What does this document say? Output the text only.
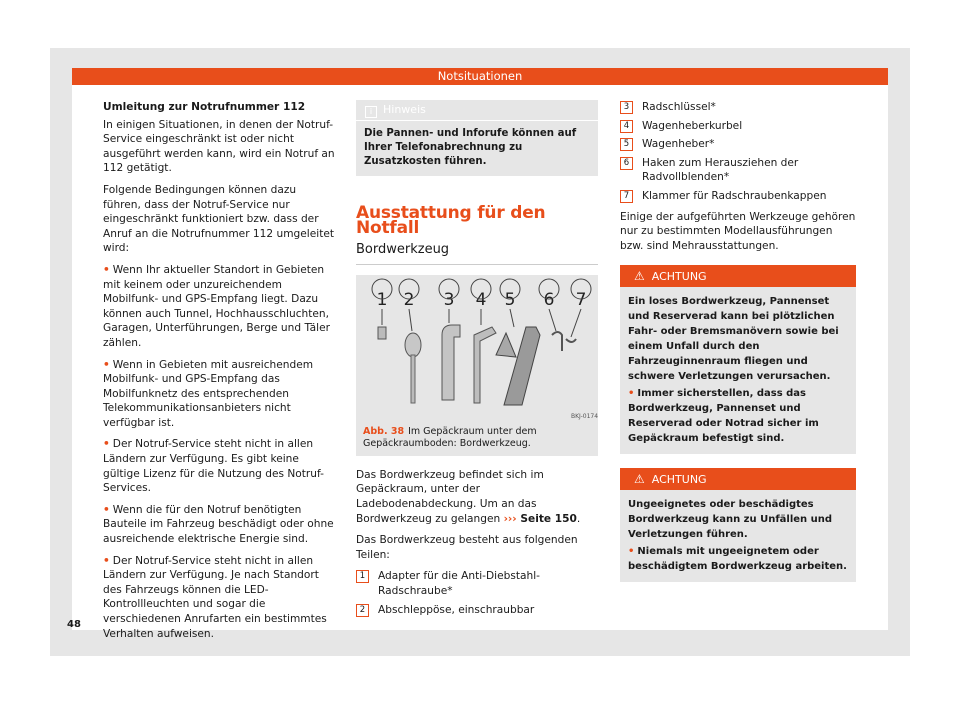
Notsituationen
Umleitung zur Notrufnummer 112

In einigen Situationen, in denen der Notruf-Service eingeschränkt ist oder nicht ausgeführt werden kann, wird ein Notruf an 112 getätigt.

Folgende Bedingungen können dazu führen, dass der Notruf-Service nur eingeschränkt funktioniert bzw. dass der Anruf an die Notrufnummer 112 umgeleitet wird:

• Wenn Ihr aktueller Standort in Gebieten mit keinem oder unzureichendem Mobilfunk- und GPS-Empfang liegt. Dazu können auch Tunnel, Hochhausschluchten, Garagen, Unterführungen, Berge und Täler zählen.
• Wenn in Gebieten mit ausreichendem Mobilfunk- und GPS-Empfang das Mobilfunknetz des entsprechenden Telekommunikationsanbieters nicht verfügbar ist.
• Der Notruf-Service steht nicht in allen Ländern zur Verfügung. Es gibt keine gültige Lizenz für die Nutzung des Notruf-Services.
• Wenn die für den Notruf benötigten Bauteile im Fahrzeug beschädigt oder ohne ausreichende elektrische Energie sind.
• Der Notruf-Service steht nicht in allen Ländern zur Verfügung. Je nach Standort des Fahrzeugs können die LED-Kontrollleuchten und sogar die verschiedenen Anrufarten ein bestimmtes Verhalten aufweisen.
i Hinweis
Die Pannen- und Inforufe können auf Ihrer Telefonabrechnung zu Zusatzkosten führen.
Ausstattung für den Notfall
Bordwerkzeug
1 2 3 4 5 6 7
BKJ-0174
Abb. 38 Im Gepäckraum unter dem Gepäckraumboden: Bordwerkzeug.

Das Bordwerkzeug befindet sich im Gepäckraum, unter der Ladebodenabdeckung. Um an das Bordwerkzeug zu gelangen ››› Seite 150.

Das Bordwerkzeug besteht aus folgenden Teilen:

1	Adapter für die Anti-Diebstahl-Radschraube*
2	Abschleppöse, einschraubbar
3	Radschlüssel*
4	Wagenheberkurbel
5	Wagenheber*
6	Haken zum Herausziehen der Radvollblenden*
7	Klammer für Radschraubenkappen

Einige der aufgeführten Werkzeuge gehören nur zu bestimmten Modellausführungen bzw. sind Mehrausstattungen.

⚠ ACHTUNG
Ein loses Bordwerkzeug, Pannenset und Reserverad kann bei plötzlichen Fahr- oder Bremsmanövern sowie bei einem Unfall durch den Fahrzeuginnenraum fliegen und schwere Verletzungen verursachen.
• Immer sicherstellen, dass das Bordwerkzeug, Pannenset und Reserverad oder Notrad sicher im Gepäckraum befestigt sind.
⚠ ACHTUNG
Ungeeignetes oder beschädigtes Bordwerkzeug kann zu Unfällen und Verletzungen führen.
• Niemals mit ungeeignetem oder beschädigtem Bordwerkzeug arbeiten.
48
